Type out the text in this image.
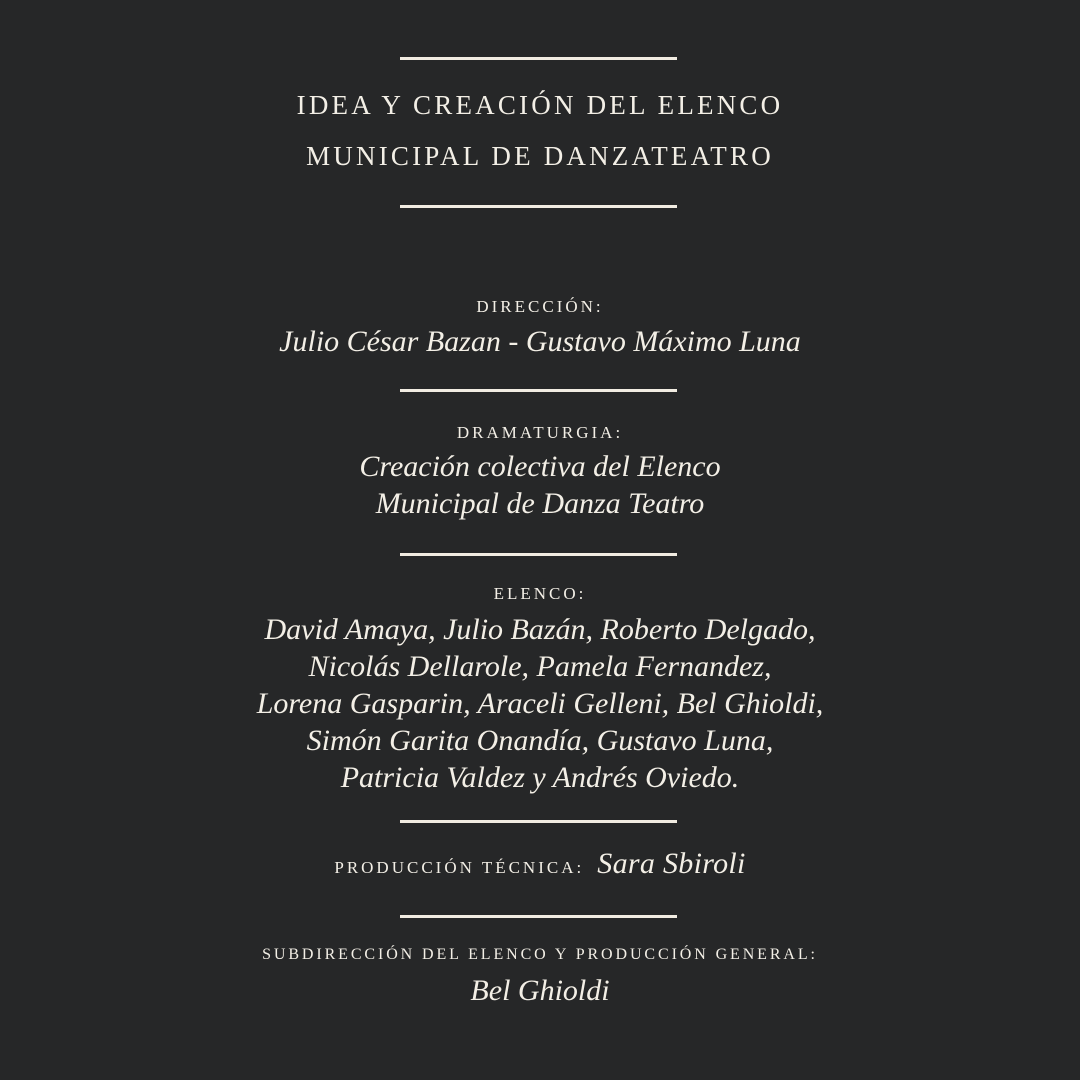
IDEA Y CREACIÓN DEL ELENCO
MUNICIPAL DE DANZATEATRO
DIRECCIÓN:
Julio César Bazan - Gustavo Máximo Luna
DRAMATURGIA:
Creación colectiva del Elenco
Municipal de Danza Teatro
ELENCO:
David Amaya, Julio Bazán, Roberto Delgado,
Nicolás Dellarole, Pamela Fernandez,
Lorena Gasparin, Araceli Gelleni, Bel Ghioldi,
Simón Garita Onandía, Gustavo Luna,
Patricia Valdez y Andrés Oviedo.
PRODUCCIÓN TÉCNICA: Sara Sbiroli
SUBDIRECCIÓN DEL ELENCO Y PRODUCCIÓN GENERAL:
Bel Ghioldi
